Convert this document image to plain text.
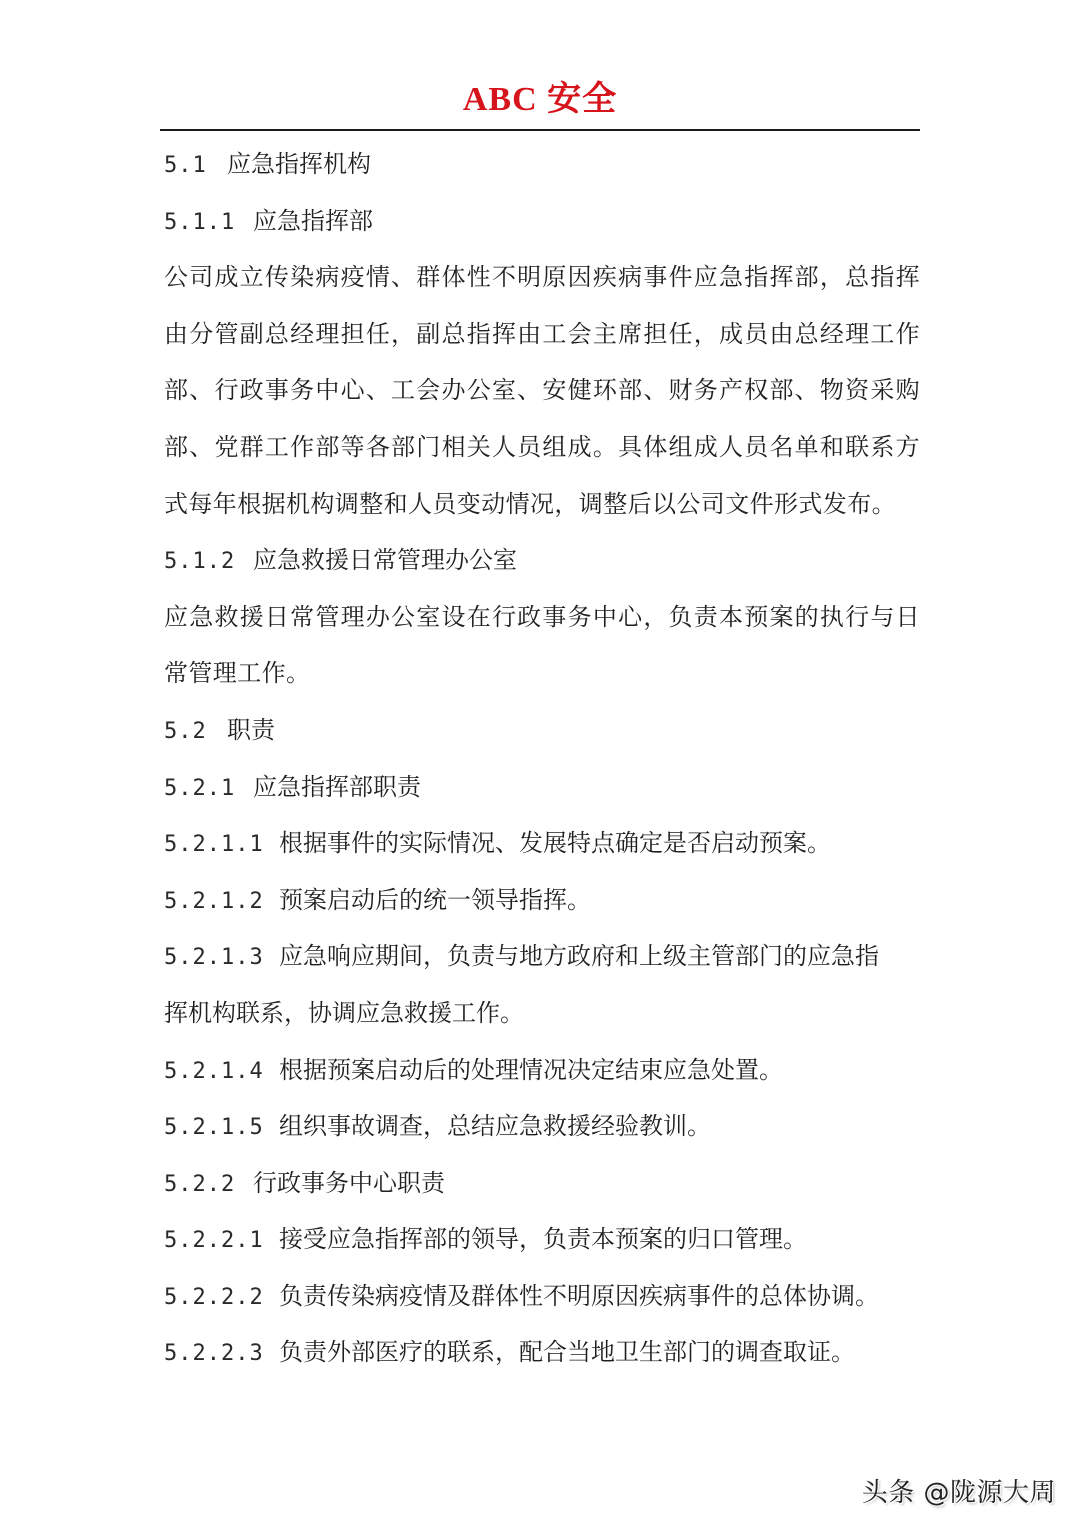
ABC 安全
5.1 应急指挥机构
5.1.1 应急指挥部
公司成立传染病疫情、群体性不明原因疾病事件应急指挥部，总指挥由分管副总经理担任，副总指挥由工会主席担任，成员由总经理工作部、行政事务中心、工会办公室、安健环部、财务产权部、物资采购部、党群工作部等各部门相关人员组成。具体组成人员名单和联系方式每年根据机构调整和人员变动情况，调整后以公司文件形式发布。
5.1.2 应急救援日常管理办公室
应急救援日常管理办公室设在行政事务中心，负责本预案的执行与日常管理工作。
5.2 职责
5.2.1 应急指挥部职责
5.2.1.1 根据事件的实际情况、发展特点确定是否启动预案。
5.2.1.2 预案启动后的统一领导指挥。
5.2.1.3 应急响应期间，负责与地方政府和上级主管部门的应急指
挥机构联系，协调应急救援工作。
5.2.1.4 根据预案启动后的处理情况决定结束应急处置。
5.2.1.5 组织事故调查，总结应急救援经验教训。
5.2.2 行政事务中心职责
5.2.2.1 接受应急指挥部的领导，负责本预案的归口管理。
5.2.2.2 负责传染病疫情及群体性不明原因疾病事件的总体协调。
5.2.2.3 负责外部医疗的联系，配合当地卫生部门的调查取证。
头条 @陇源大周
